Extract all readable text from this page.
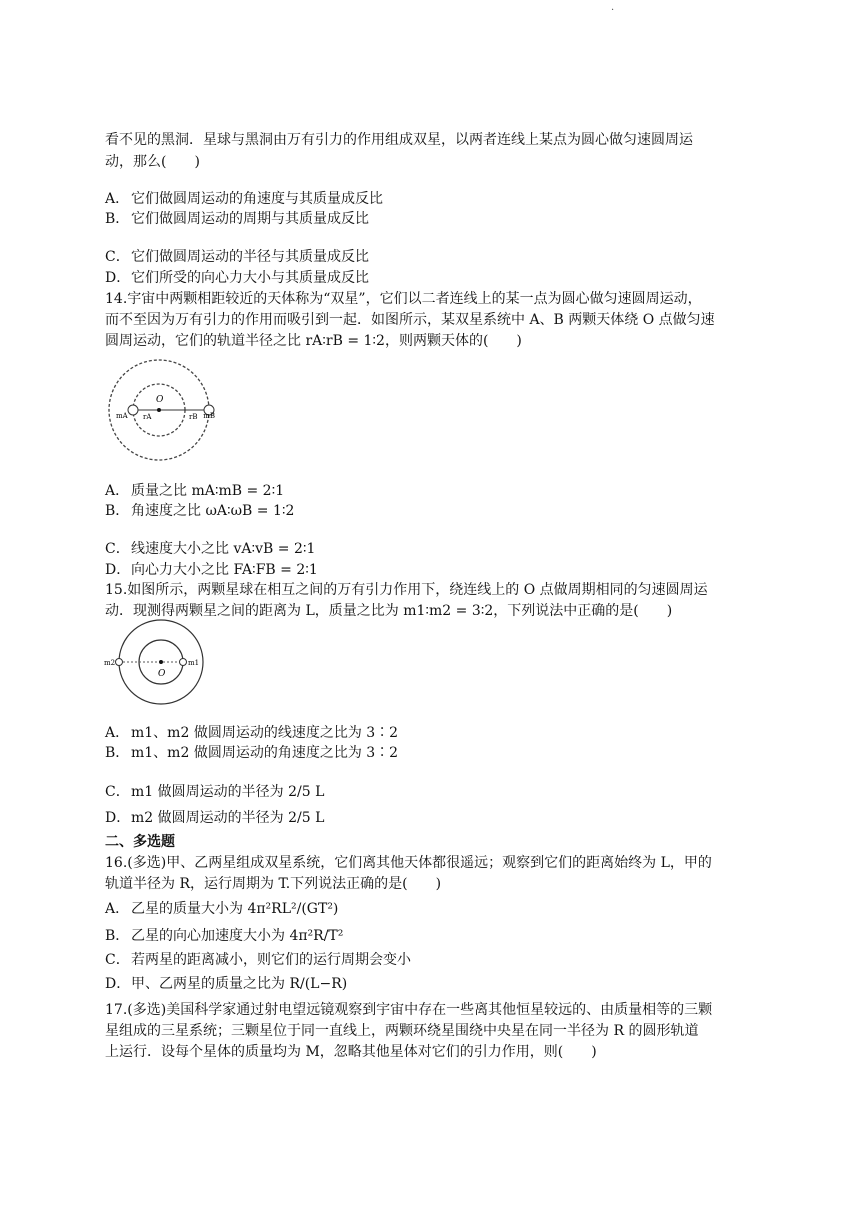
·
看不见的黑洞．星球与黑洞由万有引力的作用组成双星，以两者连线上某点为圆心做匀速圆周运
动，那么(　　)
A． 它们做圆周运动的角速度与其质量成反比
B． 它们做圆周运动的周期与其质量成反比
C．它们做圆周运动的半径与其质量成反比
D．它们所受的向心力大小与其质量成反比
14.宇宙中两颗相距较近的天体称为“双星”，它们以二者连线上的某一点为圆心做匀速圆周运动，
而不至因为万有引力的作用而吸引到一起．如图所示，某双星系统中 A、B 两颗天体绕 O 点做匀速
圆周运动，它们的轨道半径之比 rA∶rB = 1∶2，则两颗天体的(　　)
O
rA	rB
mA	mB
A． 质量之比 mA∶mB = 2∶1
B． 角速度之比 ωA∶ωB = 1∶2
C．线速度大小之比 vA∶vB = 2∶1
D．向心力大小之比 FA∶FB = 2∶1
15.如图所示，两颗星球在相互之间的万有引力作用下，绕连线上的 O 点做周期相同的匀速圆周运
动．现测得两颗星之间的距离为 L，质量之比为 m1∶m2 = 3∶2，下列说法中正确的是(　　)
O
m2	m1
A． m1、m2 做圆周运动的线速度之比为 3∶2
B． m1、m2 做圆周运动的角速度之比为 3∶2
C．m1 做圆周运动的半径为 2/5 L
D．m2 做圆周运动的半径为 2/5 L
二、多选题
16.(多选)甲、乙两星组成双星系统，它们离其他天体都很遥远；观察到它们的距离始终为 L，甲的
轨道半径为 R，运行周期为 T.下列说法正确的是(　　)
A． 乙星的质量大小为 4π²RL²/(GT²)
B． 乙星的向心加速度大小为 4π²R/T²
C．若两星的距离减小，则它们的运行周期会变小
D．甲、乙两星的质量之比为 R/(L−R)
17.(多选)美国科学家通过射电望远镜观察到宇宙中存在一些离其他恒星较远的、由质量相等的三颗
星组成的三星系统；三颗星位于同一直线上，两颗环绕星围绕中央星在同一半径为 R 的圆形轨道
上运行．设每个星体的质量均为 M，忽略其他星体对它们的引力作用，则(　　)
